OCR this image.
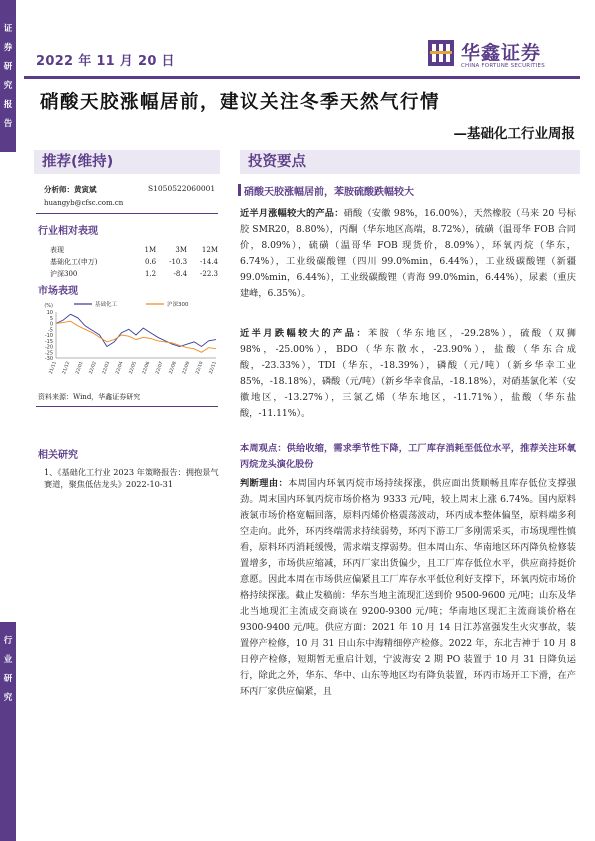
证
券
研
究
报
告
行
业
研
究
2022 年 11 月 20 日	华鑫证券
CHINA FORTUNE SECURITIES
硝酸天胶涨幅居前，建议关注冬季天然气行情
—基础化工行业周报
推荐(维持)	投资要点
分析师：黄寅斌	S1050522060001
huangyb@cfsc.com.cn
行业相对表现
表现	1M	3M	12M
基础化工(申万)	0.6	-10.3	-14.4
沪深300	1.2	-8.4	-22.3
市场表现
(%)
10
5
0
-5
-10
-15
-20
-25
-30
21/11 21/12 22/01 22/02 22/03 22/04 22/05 22/06 22/07 22/08 22/09 22/10 22/11
基础化工	沪深300
资料来源：Wind，华鑫证券研究
相关研究
1、《基础化工行业 2023 年策略报告：拥抱景气赛道，聚焦低估龙头》2022-10-31
硝酸天胶涨幅居前，苯胺硫酸跌幅较大
近半月涨幅较大的产品：硝酸（安徽 98%，16.00%），天然橡胶（马来 20 号标胶 SMR20，8.80%），丙酮（华东地区高端，8.72%），硫磺（温哥华 FOB 合同价，8.09%），硫磺（温哥华 FOB 现货价，8.09%），环氧丙烷（华东，6.74%），工业级碳酸锂（四川 99.0%min，6.44%），工业级碳酸锂（新疆 99.0%min，6.44%），工业级碳酸锂（青海 99.0%min，6.44%），尿素（重庆建峰，6.35%）。
近半月跌幅较大的产品：苯胺（华东地区，-29.28%），硫酸（双狮 98%，-25.00%），BDO（华东散水，-23.90%），盐酸（华东合成酸，-23.33%），TDI（华东，-18.39%），磷酸（元/吨）（新乡华幸工业 85%，-18.18%），磷酸（元/吨）（新乡华幸食品，-18.18%），对硝基氯化苯（安徽地区，-13.27%），三氯乙烯（华东地区，-11.71%），盐酸（华东盐酸，-11.11%）。
本周观点：供给收缩，需求季节性下降，工厂库存消耗至低位水平，推荐关注环氧丙烷龙头演化股份
判断理由：本周国内环氧丙烷市场持续探涨，供应面出货顺畅且库存低位支撑强劲。周末国内环氧丙烷市场价格为 9333 元/吨，较上周末上涨 6.74%。国内原料液氯市场价格宽幅回落，原料丙烯价格震荡波动，环丙成本整体偏坚，原料端多利空走向。此外，环丙终端需求持续弱势，环丙下游工厂多刚需采买，市场现理性慎看，原料环丙消耗缓慢，需求端支撑弱势。但本周山东、华南地区环丙降负检修装置增多，市场供应缩减，环丙厂家出货偏少，且工厂库存低位水平，供应商持挺价意愿。因此本周在市场供应偏紧且工厂库存水平低位利好支撑下，环氧丙烷市场价格持续探涨。截止发稿前：华东当地主流现汇送到价 9500-9600 元/吨；山东及华北当地现汇主流成交商谈在 9200-9300 元/吨；华南地区现汇主流商谈价格在 9300-9400 元/吨。供应方面：2021 年 10 月 14 日江苏富强发生火灾事故，装置停产检修，10 月 31 日山东中海精细停产检修。2022 年，东北吉神于 10 月 8 日停产检修，短期暂无重启计划，宁波海安 2 期 PO 装置于 10 月 31 日降负运行，除此之外，华东、华中、山东等地区均有降负装置，环丙市场开工下滑，在产环丙厂家供应偏紧，且
